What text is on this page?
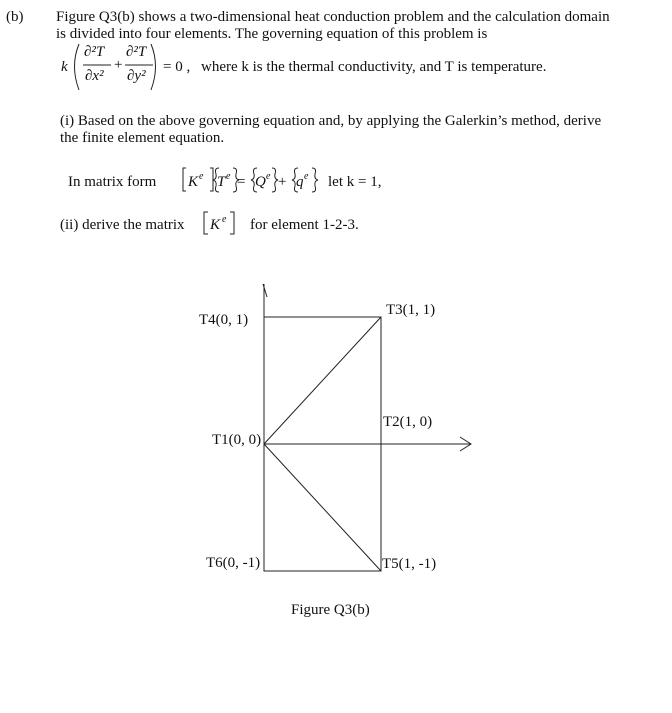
(b) Figure Q3(b) shows a two-dimensional heat conduction problem and the calculation domain
is divided into four elements. The governing equation of this problem is
k
∂²T
∂x²
+
∂²T
∂y²
= 0 , where k is the thermal conductivity, and T is temperature.
(i) Based on the above governing equation and, by applying the Galerkin’s method, derive
the finite element equation.
In matrix form K e T e = Q e + q e let k = 1,
(ii) derive the matrix K e for element 1-2-3.
T4(0, 1)
T3(1, 1)
T2(1, 0)
T1(0, 0)
T6(0, -1)	T5(1, -1)
Figure Q3(b)
